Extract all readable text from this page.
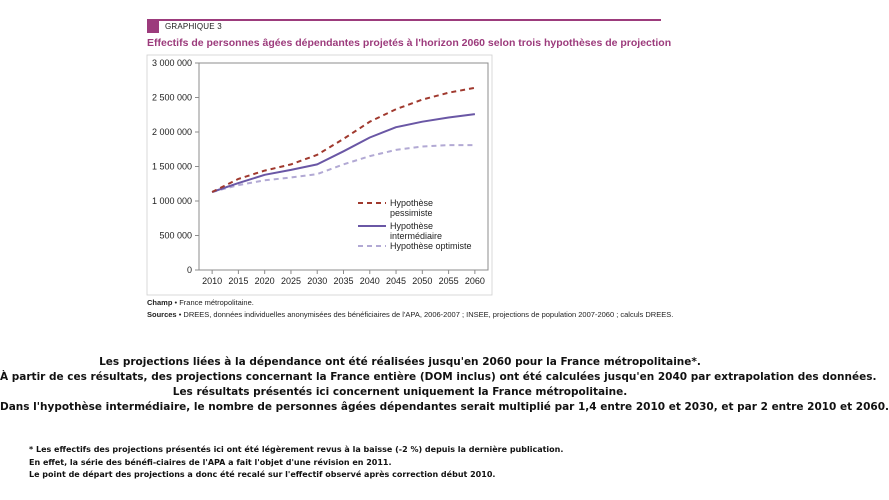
GRAPHIQUE 3
Effectifs de personnes âgées dépendantes projetés à l'horizon 2060 selon trois hypothèses de projection
0
500 000
1 000 000
1 500 000
2 000 000
2 500 000
3 000 000
2010 2015 2020 2025 2030 2035 2040 2045 2050 2055 2060
Hypothèse
pessimiste
Hypothèse
intermédiaire
Hypothèse optimiste
Champ • France métropolitaine.
Sources • DREES, données individuelles anonymisées des bénéficiaires de l'APA, 2006-2007 ; INSEE, projections de population 2007-2060 ; calculs DREES.
Les projections liées à la dépendance ont été réalisées jusqu'en 2060 pour la France métropolitaine*.
À partir de ces résultats, des projections concernant la France entière (DOM inclus) ont été calculées jusqu'en 2040 par extrapolation des données.
Les résultats présentés ici concernent uniquement la France métropolitaine.
Dans l'hypothèse intermédiaire, le nombre de personnes âgées dépendantes serait multiplié par 1,4 entre 2010 et 2030, et par 2 entre 2010 et 2060.
* Les effectifs des projections présentés ici ont été légèrement revus à la baisse (-2 %) depuis la dernière publication.
En effet, la série des bénéfi-ciaires de l'APA a fait l'objet d'une révision en 2011.
Le point de départ des projections a donc été recalé sur l'effectif observé après correction début 2010.
